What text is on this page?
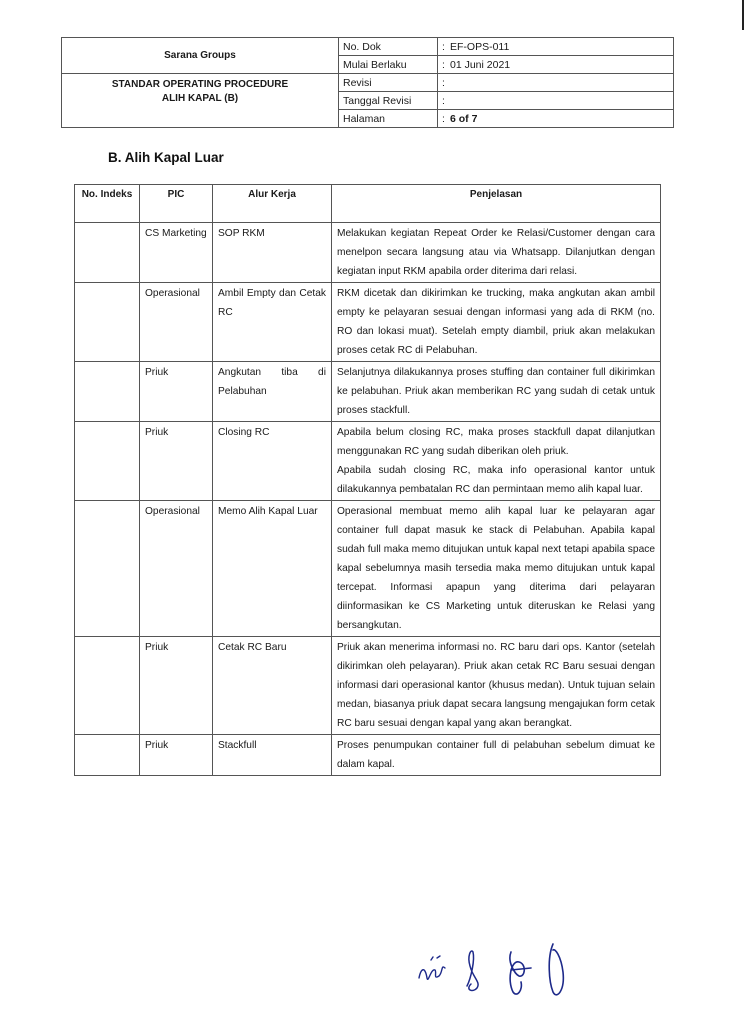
Sarana Groups	No. Dok	: EF-OPS-011
	Mulai Berlaku	: 01 Juni 2021

STANDAR OPERATING PROCEDURE
ALIH KAPAL (B)	Revisi	:
	Tanggal Revisi	:
	Halaman	: 6 of 7
B. Alih Kapal Luar
No. Indeks	PIC	Alur Kerja	Penjelasan
	CS Marketing	SOP RKM	Melakukan kegiatan Repeat Order ke Relasi/Customer dengan cara menelpon secara langsung atau via Whatsapp. Dilanjutkan dengan kegiatan input RKM apabila order diterima dari relasi.
	Operasional	Ambil Empty dan Cetak RC	RKM dicetak dan dikirimkan ke trucking, maka angkutan akan ambil empty ke pelayaran sesuai dengan informasi yang ada di RKM (no. RO dan lokasi muat). Setelah empty diambil, priuk akan melakukan proses cetak RC di Pelabuhan.
	Priuk	Angkutan tiba di Pelabuhan	Selanjutnya dilakukannya proses stuffing dan container full dikirimkan ke pelabuhan. Priuk akan memberikan RC yang sudah di cetak untuk proses stackfull.
	Priuk	Closing RC	Apabila belum closing RC, maka proses stackfull dapat dilanjutkan menggunakan RC yang sudah diberikan oleh priuk.
Apabila sudah closing RC, maka info operasional kantor untuk dilakukannya pembatalan RC dan permintaan memo alih kapal luar.

	Operasional	Memo Alih Kapal Luar	Operasional membuat memo alih kapal luar ke pelayaran agar container full dapat masuk ke stack di Pelabuhan. Apabila kapal sudah full maka memo ditujukan untuk kapal next tetapi apabila space kapal sebelumnya masih tersedia maka memo ditujukan untuk kapal tercepat. Informasi apapun yang diterima dari pelayaran diinformasikan ke CS Marketing untuk diteruskan ke Relasi yang bersangkutan.
	Priuk	Cetak RC Baru	Priuk akan menerima informasi no. RC baru dari ops. Kantor (setelah dikirimkan oleh pelayaran). Priuk akan cetak RC Baru sesuai dengan informasi dari operasional kantor (khusus medan). Untuk tujuan selain medan, biasanya priuk dapat secara langsung mengajukan form cetak RC baru sesuai dengan kapal yang akan berangkat.
	Priuk	Stackfull	Proses penumpukan container full di pelabuhan sebelum dimuat ke dalam kapal.
